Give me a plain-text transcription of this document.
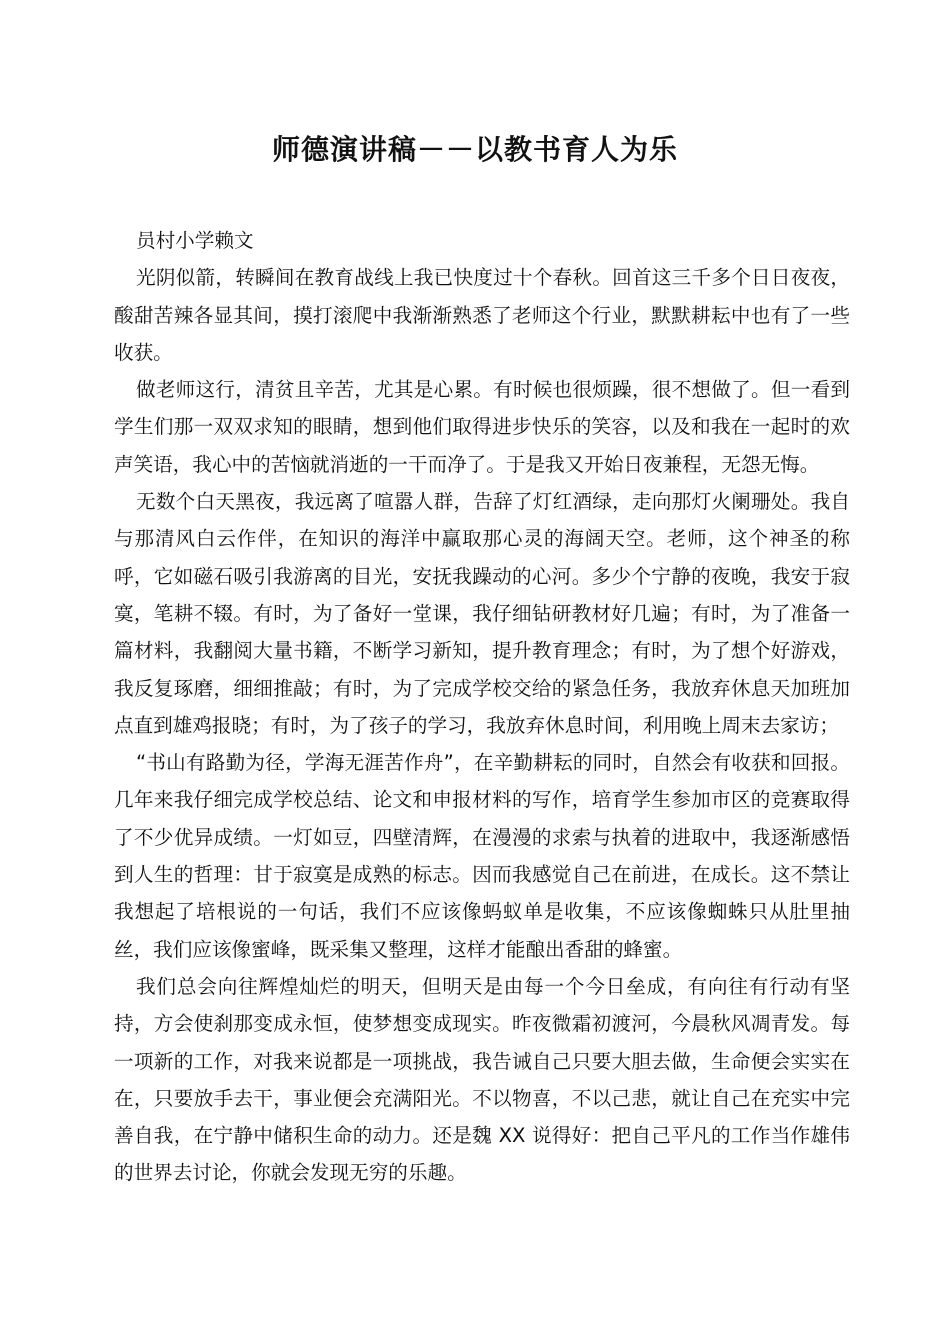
师德演讲稿－－以教书育人为乐

员村小学赖文

光阴似箭，转瞬间在教育战线上我已快度过十个春秋。回首这三千多个日日夜夜，酸甜苦辣各显其间，摸打滚爬中我渐渐熟悉了老师这个行业，默默耕耘中也有了一些收获。

做老师这行，清贫且辛苦，尤其是心累。有时候也很烦躁，很不想做了。但一看到学生们那一双双求知的眼睛，想到他们取得进步快乐的笑容，以及和我在一起时的欢声笑语，我心中的苦恼就消逝的一干而净了。于是我又开始日夜兼程，无怨无悔。

无数个白天黑夜，我远离了喧嚣人群，告辞了灯红酒绿，走向那灯火阑珊处。我自与那清风白云作伴，在知识的海洋中赢取那心灵的海阔天空。老师，这个神圣的称呼，它如磁石吸引我游离的目光，安抚我躁动的心河。多少个宁静的夜晚，我安于寂寞，笔耕不辍。有时，为了备好一堂课，我仔细钻研教材好几遍；有时，为了准备一篇材料，我翻阅大量书籍，不断学习新知，提升教育理念；有时，为了想个好游戏，我反复琢磨，细细推敲；有时，为了完成学校交给的紧急任务，我放弃休息天加班加点直到雄鸡报晓；有时，为了孩子的学习，我放弃休息时间，利用晚上周末去家访；

“书山有路勤为径，学海无涯苦作舟”，在辛勤耕耘的同时，自然会有收获和回报。几年来我仔细完成学校总结、论文和申报材料的写作，培育学生参加市区的竞赛取得了不少优异成绩。一灯如豆，四壁清辉，在漫漫的求索与执着的进取中，我逐渐感悟到人生的哲理：甘于寂寞是成熟的标志。因而我感觉自己在前进，在成长。这不禁让我想起了培根说的一句话，我们不应该像蚂蚁单是收集，不应该像蜘蛛只从肚里抽丝，我们应该像蜜峰，既采集又整理，这样才能酿出香甜的蜂蜜。

我们总会向往辉煌灿烂的明天，但明天是由每一个今日垒成，有向往有行动有坚持，方会使刹那变成永恒，使梦想变成现实。昨夜微霜初渡河，今晨秋风凋青发。每一项新的工作，对我来说都是一项挑战，我告诫自己只要大胆去做，生命便会实实在在，只要放手去干，事业便会充满阳光。不以物喜，不以己悲，就让自己在充实中完善自我，在宁静中储积生命的动力。还是魏 XX 说得好：把自己平凡的工作当作雄伟的世界去讨论，你就会发现无穷的乐趣。
